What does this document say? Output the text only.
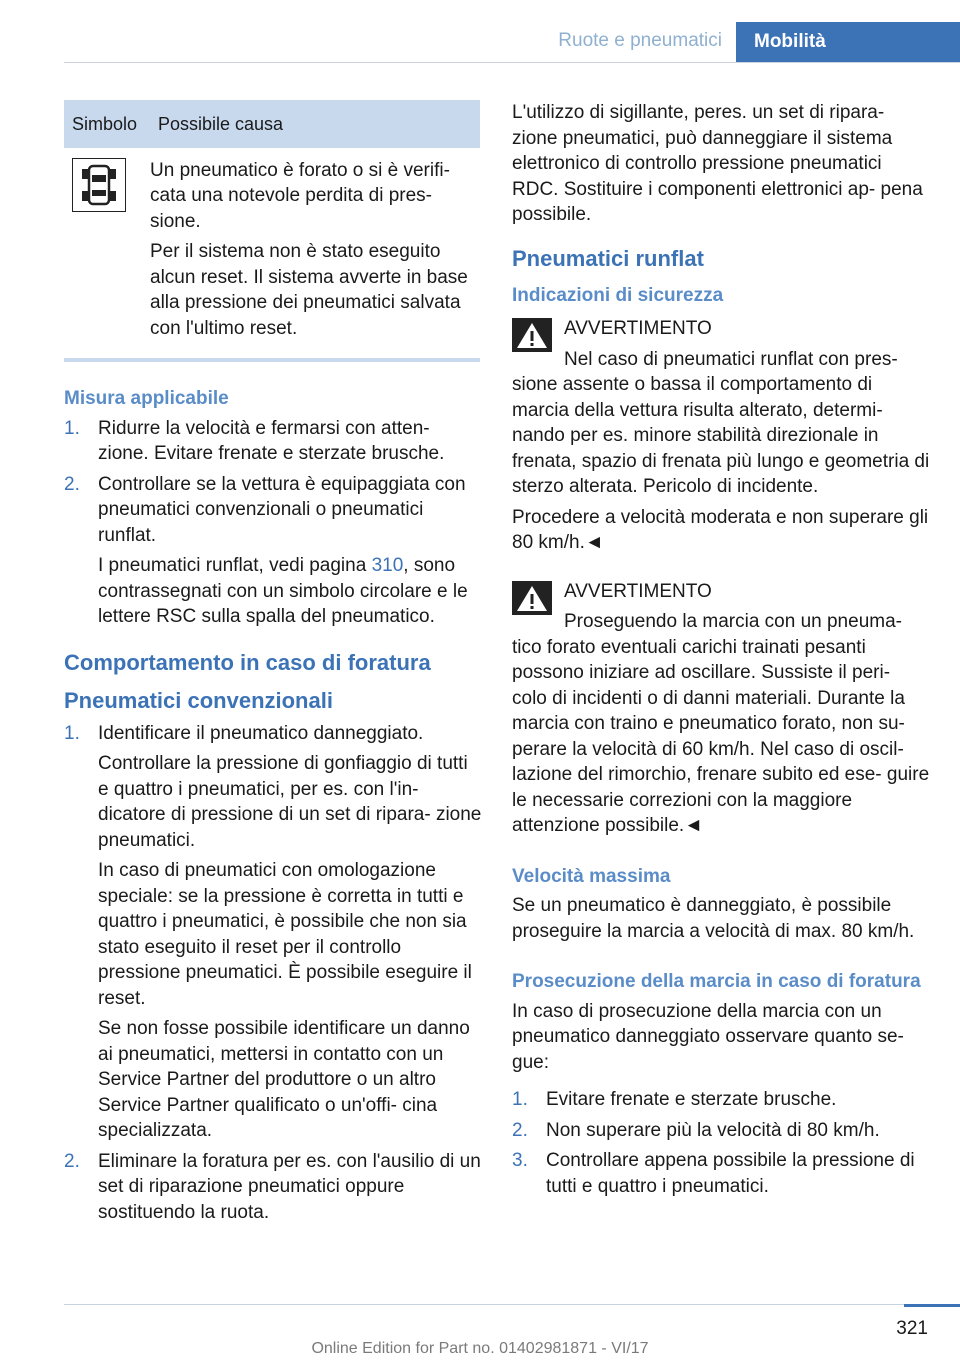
Ruote e pneumatici	Mobilità
Simbolo	Possibile causa

Un pneumatico è forato o si è verifi‐ cata una notevole perdita di pres‐ sione.

Per il sistema non è stato eseguito alcun reset. Il sistema avverte in base alla pressione dei pneumatici salvata con l'ultimo reset.

Misura applicabile
1. Ridurre la velocità e fermarsi con atten‐ zione. Evitare frenate e sterzate brusche.

2. Controllare se la vettura è equipaggiata con pneumatici convenzionali o pneumatici runflat.

I pneumatici runflat, vedi pagina 310, sono contrassegnati con un simbolo circolare e le lettere RSC sulla spalla del pneumatico.

Comportamento in caso di foratura
Pneumatici convenzionali
1. Identificare il pneumatico danneggiato.

Controllare la pressione di gonfiaggio di tutti e quattro i pneumatici, per es. con l'in‐ dicatore di pressione di un set di ripara‐ zione pneumatici.

In caso di pneumatici con omologazione speciale: se la pressione è corretta in tutti e quattro i pneumatici, è possibile che non sia stato eseguito il reset per il controllo pressione pneumatici. È possibile eseguire il reset.

Se non fosse possibile identificare un danno ai pneumatici, mettersi in contatto con un Service Partner del produttore o un altro Service Partner qualificato o un'offi‐ cina specializzata.

2. Eliminare la foratura per es. con l'ausilio di un set di riparazione pneumatici oppure sostituendo la ruota.

L'utilizzo di sigillante, peres. un set di ripara‐ zione pneumatici, può danneggiare il sistema elettronico di controllo pressione pneumatici RDC. Sostituire i componenti elettronici ap‐ pena possibile.

Pneumatici runflat
Indicazioni di sicurezza

AVVERTIMENTO

Nel caso di pneumatici runflat con pres‐

sione assente o bassa il comportamento di marcia della vettura risulta alterato, determi‐ nando per es. minore stabilità direzionale in frenata, spazio di frenata più lungo e geometria di sterzo alterata. Pericolo di incidente.

Procedere a velocità moderata e non superare gli 80 km/h.◄

AVVERTIMENTO

Proseguendo la marcia con un pneuma‐

tico forato eventuali carichi trainati pesanti possono iniziare ad oscillare. Sussiste il peri‐ colo di incidenti o di danni materiali. Durante la marcia con traino e pneumatico forato, non su‐ perare la velocità di 60 km/h. Nel caso di oscil‐ lazione del rimorchio, frenare subito ed ese‐ guire le necessarie correzioni con la maggiore attenzione possibile.◄

Velocità massima

Se un pneumatico è danneggiato, è possibile proseguire la marcia a velocità di max. 80 km/h.

Prosecuzione della marcia in caso di foratura

In caso di prosecuzione della marcia con un pneumatico danneggiato osservare quanto se‐ gue:

1. Evitare frenate e sterzate brusche.

2. Non superare più la velocità di 80 km/h.

3. Controllare appena possibile la pressione di tutti e quattro i pneumatici.

321
Online Edition for Part no. 01402981871 - VI/17
